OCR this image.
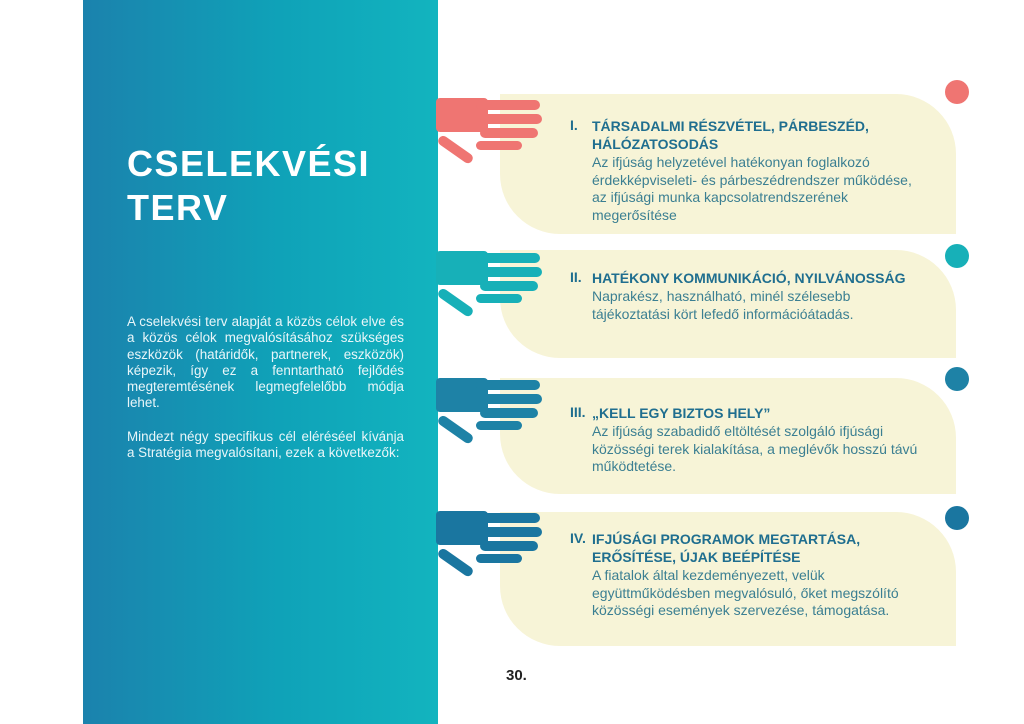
CSELEKVÉSI
TERV

A cselekvési terv alapját a közös célok elve és a közös célok megvalósításához szükséges eszközök (határidők, partnerek, eszközök) képezik, így ez a fenntartható fejlődés megteremtésének legmegfelelőbb módja lehet.

Mindezt négy specifikus cél eléréséel kívánja a Stratégia megvalósítani, ezek a következők:

I. TÁRSADALMI RÉSZVÉTEL, PÁRBESZÉD, HÁLÓZATOSODÁS
Az ifjúság helyzetével hatékonyan foglalkozó érdekképviseleti- és párbeszédrendszer működése, az ifjúsági munka kapcsolatrendszerének megerősítése
II. HATÉKONY KOMMUNIKÁCIÓ, NYILVÁNOSSÁG
Naprakész, használható, minél szélesebb tájékoztatási kört lefedő információátadás.
III. „KELL EGY BIZTOS HELY”
Az ifjúság szabadidő eltöltését szolgáló ifjúsági közösségi terek kialakítása, a meglévők hosszú távú működtetése.
IV. IFJÚSÁGI PROGRAMOK MEGTARTÁSA, ERŐSÍTÉSE, ÚJAK BEÉPÍTÉSE
A fiatalok által kezdeményezett, velük együttműködésben megvalósuló, őket megszólító közösségi események szervezése, támogatása.
30.
